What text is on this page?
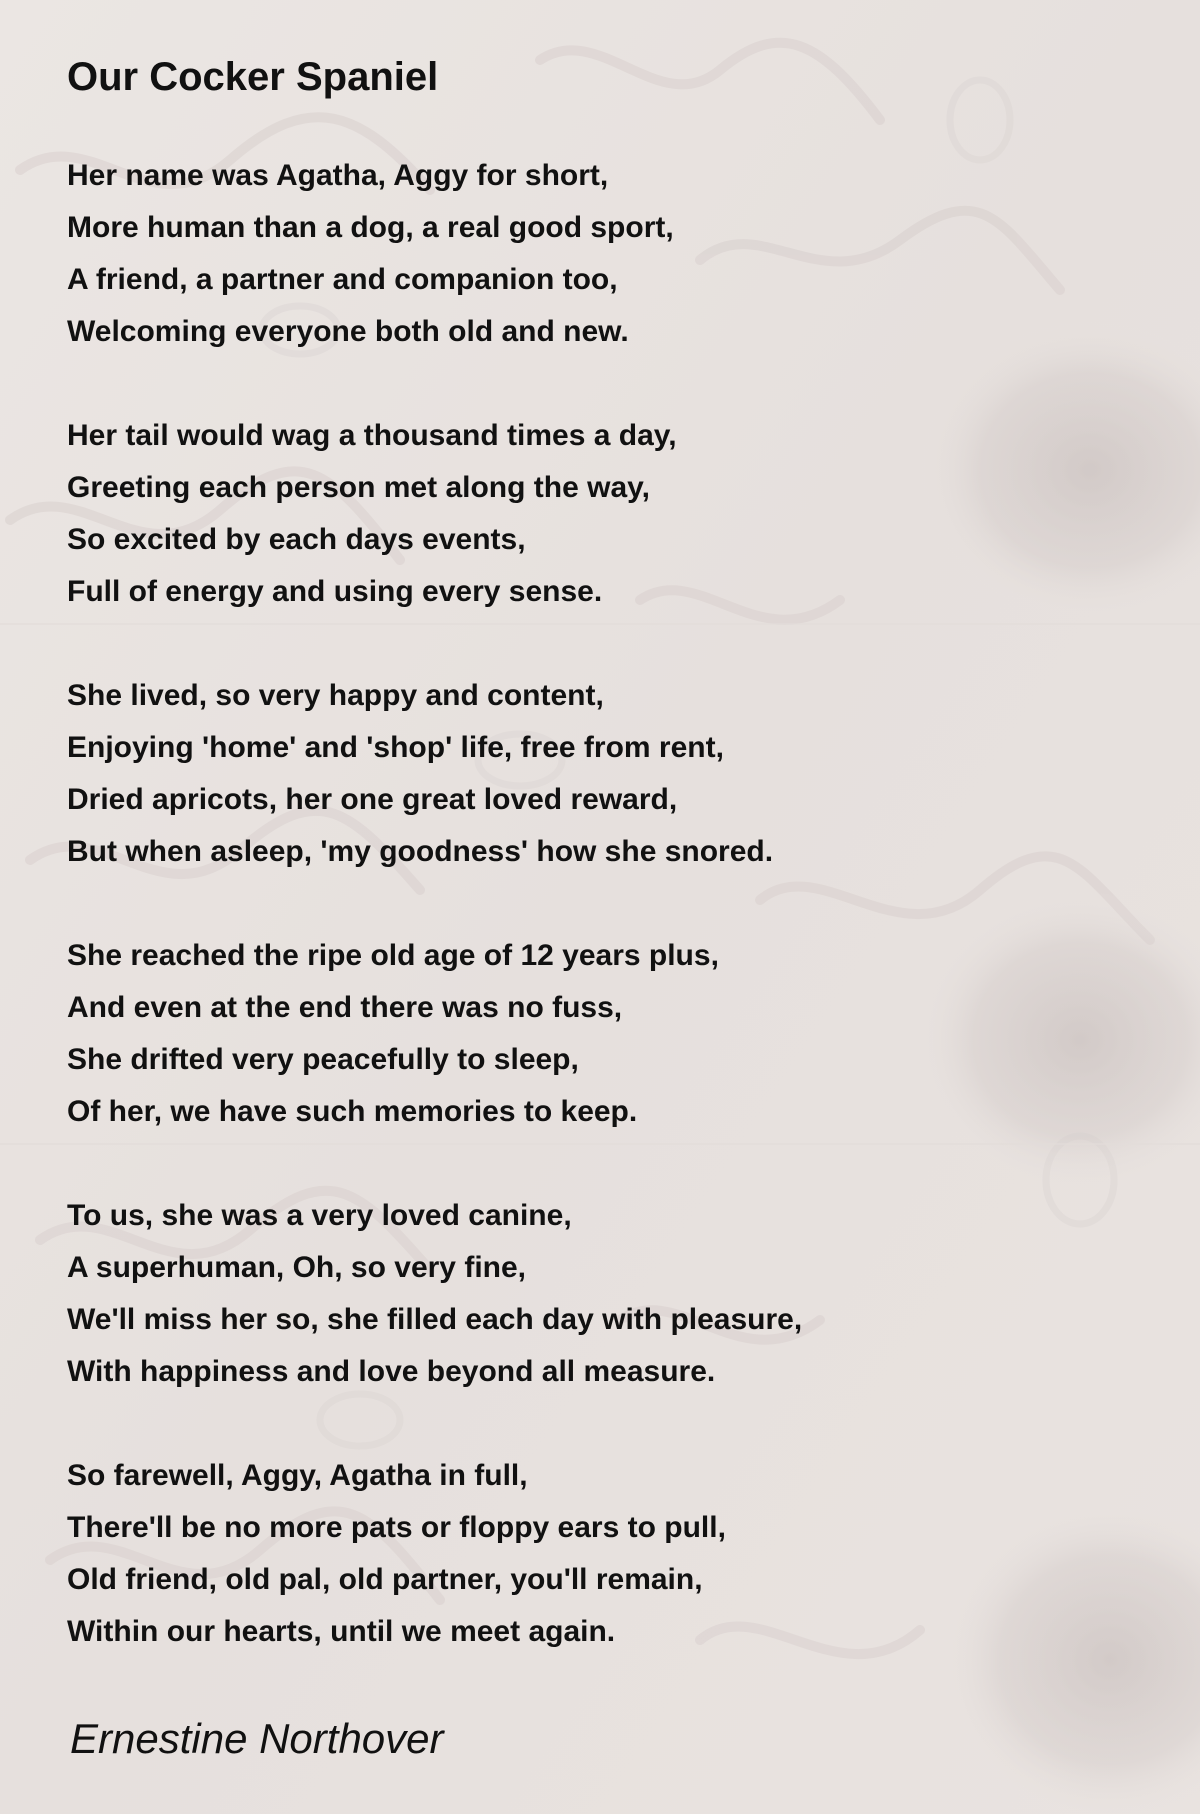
Our Cocker Spaniel
Her name was Agatha, Aggy for short,
More human than a dog, a real good sport,
A friend, a partner and companion too,
Welcoming everyone both old and new.
Her tail would wag a thousand times a day,
Greeting each person met along the way,
So excited by each days events,
Full of energy and using every sense.
She lived, so very happy and content,
Enjoying 'home' and 'shop' life, free from rent,
Dried apricots, her one great loved reward,
But when asleep, 'my goodness' how she snored.
She reached the ripe old age of 12 years plus,
And even at the end there was no fuss,
She drifted very peacefully to sleep,
Of her, we have such memories to keep.
To us, she was a very loved canine,
A superhuman, Oh, so very fine,
We'll miss her so, she filled each day with pleasure,
With happiness and love beyond all measure.
So farewell, Aggy, Agatha in full,
There'll be no more pats or floppy ears to pull,
Old friend, old pal, old partner, you'll remain,
Within our hearts, until we meet again.
Ernestine Northover
